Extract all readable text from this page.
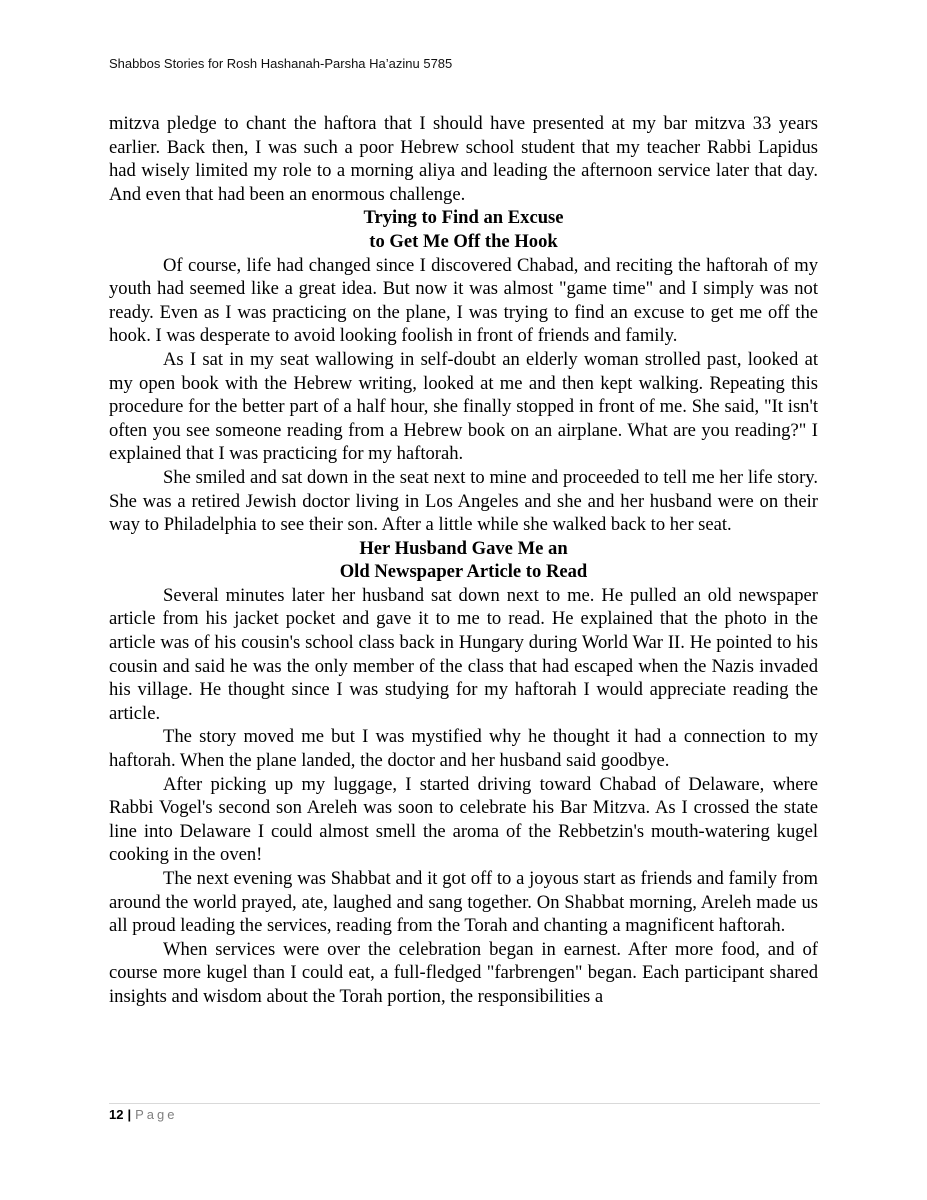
Shabbos Stories for Rosh Hashanah-Parsha Ha’azinu 5785

mitzva pledge to chant the haftora that I should have presented at my bar mitzva 33 years earlier. Back then, I was such a poor Hebrew school student that my teacher Rabbi Lapidus had wisely limited my role to a morning aliya and leading the afternoon service later that day. And even that had been an enormous challenge.

Trying to Find an Excuse
to Get Me Off the Hook

Of course, life had changed since I discovered Chabad, and reciting the haftorah of my youth had seemed like a great idea. But now it was almost "game time" and I simply was not ready. Even as I was practicing on the plane, I was trying to find an excuse to get me off the hook. I was desperate to avoid looking foolish in front of friends and family.

As I sat in my seat wallowing in self-doubt an elderly woman strolled past, looked at my open book with the Hebrew writing, looked at me and then kept walking. Repeating this procedure for the better part of a half hour, she finally stopped in front of me. She said, "It isn't often you see someone reading from a Hebrew book on an airplane. What are you reading?" I explained that I was practicing for my haftorah.

She smiled and sat down in the seat next to mine and proceeded to tell me her life story. She was a retired Jewish doctor living in Los Angeles and she and her husband were on their way to Philadelphia to see their son. After a little while she walked back to her seat.

Her Husband Gave Me an
Old Newspaper Article to Read

Several minutes later her husband sat down next to me. He pulled an old newspaper article from his jacket pocket and gave it to me to read. He explained that the photo in the article was of his cousin's school class back in Hungary during World War II. He pointed to his cousin and said he was the only member of the class that had escaped when the Nazis invaded his village. He thought since I was studying for my haftorah I would appreciate reading the article.

The story moved me but I was mystified why he thought it had a connection to my haftorah. When the plane landed, the doctor and her husband said goodbye.

After picking up my luggage, I started driving toward Chabad of Delaware, where Rabbi Vogel's second son Areleh was soon to celebrate his Bar Mitzva. As I crossed the state line into Delaware I could almost smell the aroma of the Rebbetzin's mouth-watering kugel cooking in the oven!

The next evening was Shabbat and it got off to a joyous start as friends and family from around the world prayed, ate, laughed and sang together. On Shabbat morning, Areleh made us all proud leading the services, reading from the Torah and chanting a magnificent haftorah.

When services were over the celebration began in earnest. After more food, and of course more kugel than I could eat, a full-fledged "farbrengen" began. Each participant shared insights and wisdom about the Torah portion, the responsibilities a

12 | Page
